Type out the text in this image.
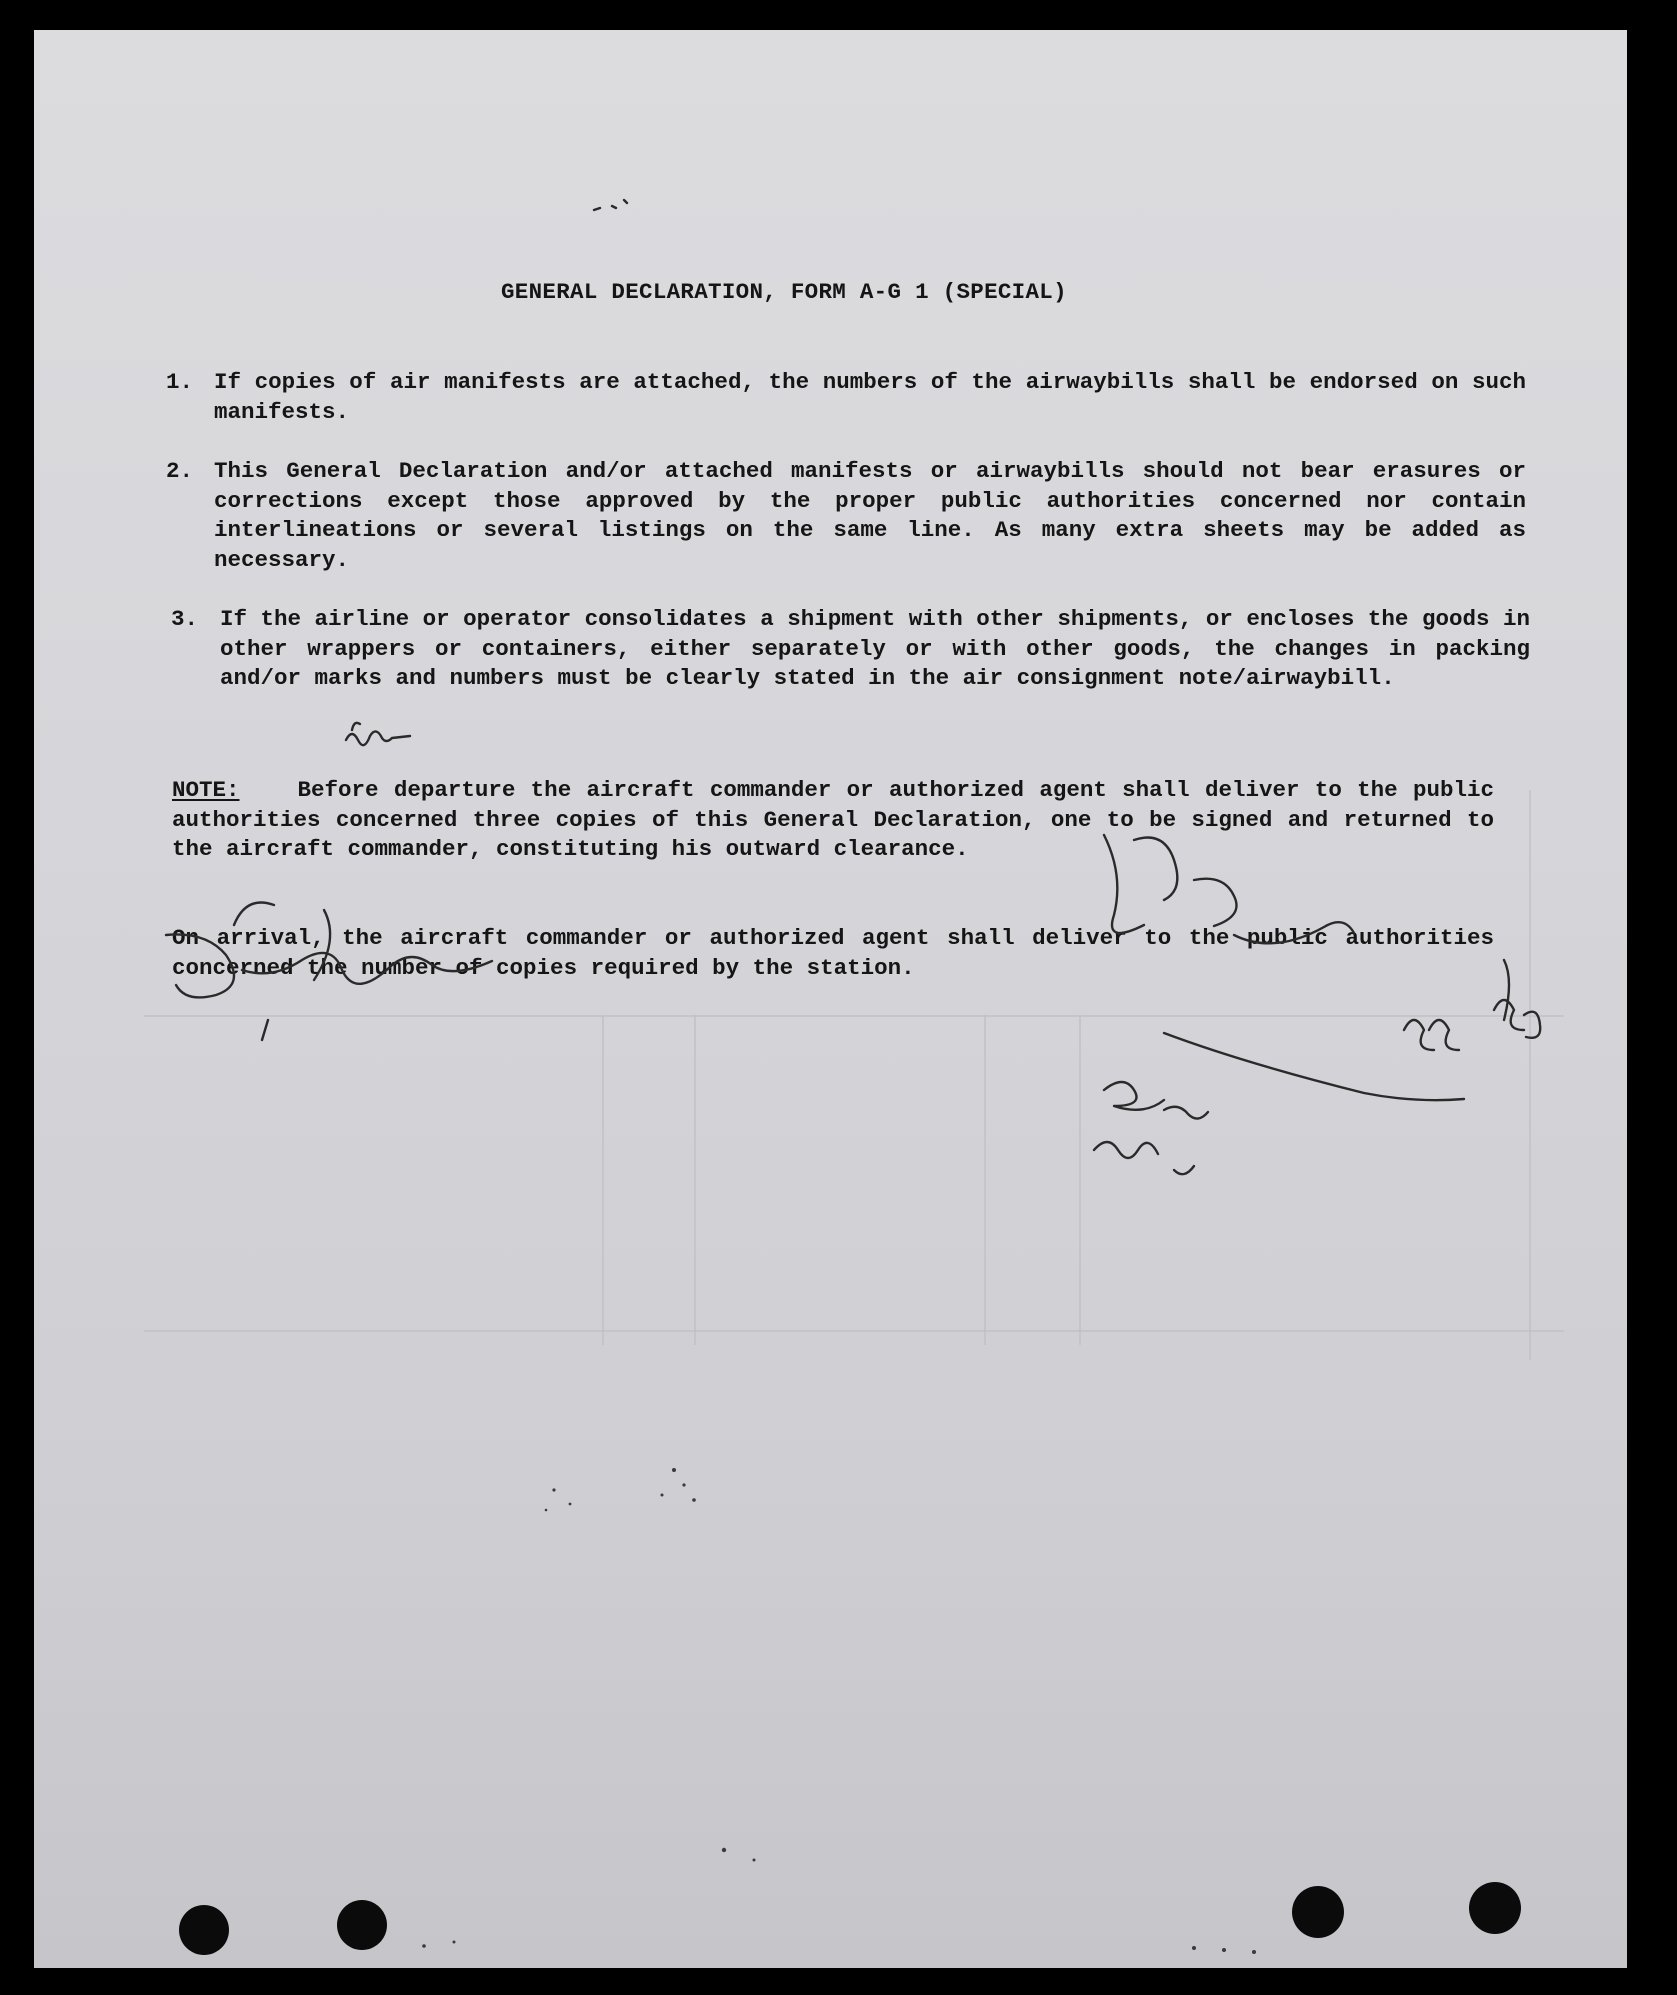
GENERAL DECLARATION, FORM A-G 1 (SPECIAL)
1. If copies of air manifests are attached, the numbers of the airwaybills shall be endorsed on such manifests.
2. This General Declaration and/or attached manifests or airwaybills should not bear erasures or corrections except those approved by the proper public authorities concerned nor contain interlineations or several listings on the same line. As many extra sheets may be added as necessary.
3. If the airline or operator consolidates a shipment with other shipments, or encloses the goods in other wrappers or containers, either separately or with other goods, the changes in packing and/or marks and numbers must be clearly stated in the air consignment note/airwaybill.
NOTE:	Before departure the aircraft commander or authorized agent shall deliver to the public authorities concerned three copies of this General Declaration, one to be signed and returned to the aircraft commander, constituting his outward clearance.
On arrival, the aircraft commander or authorized agent shall deliver to the public authorities concerned the number of copies required by the station.
